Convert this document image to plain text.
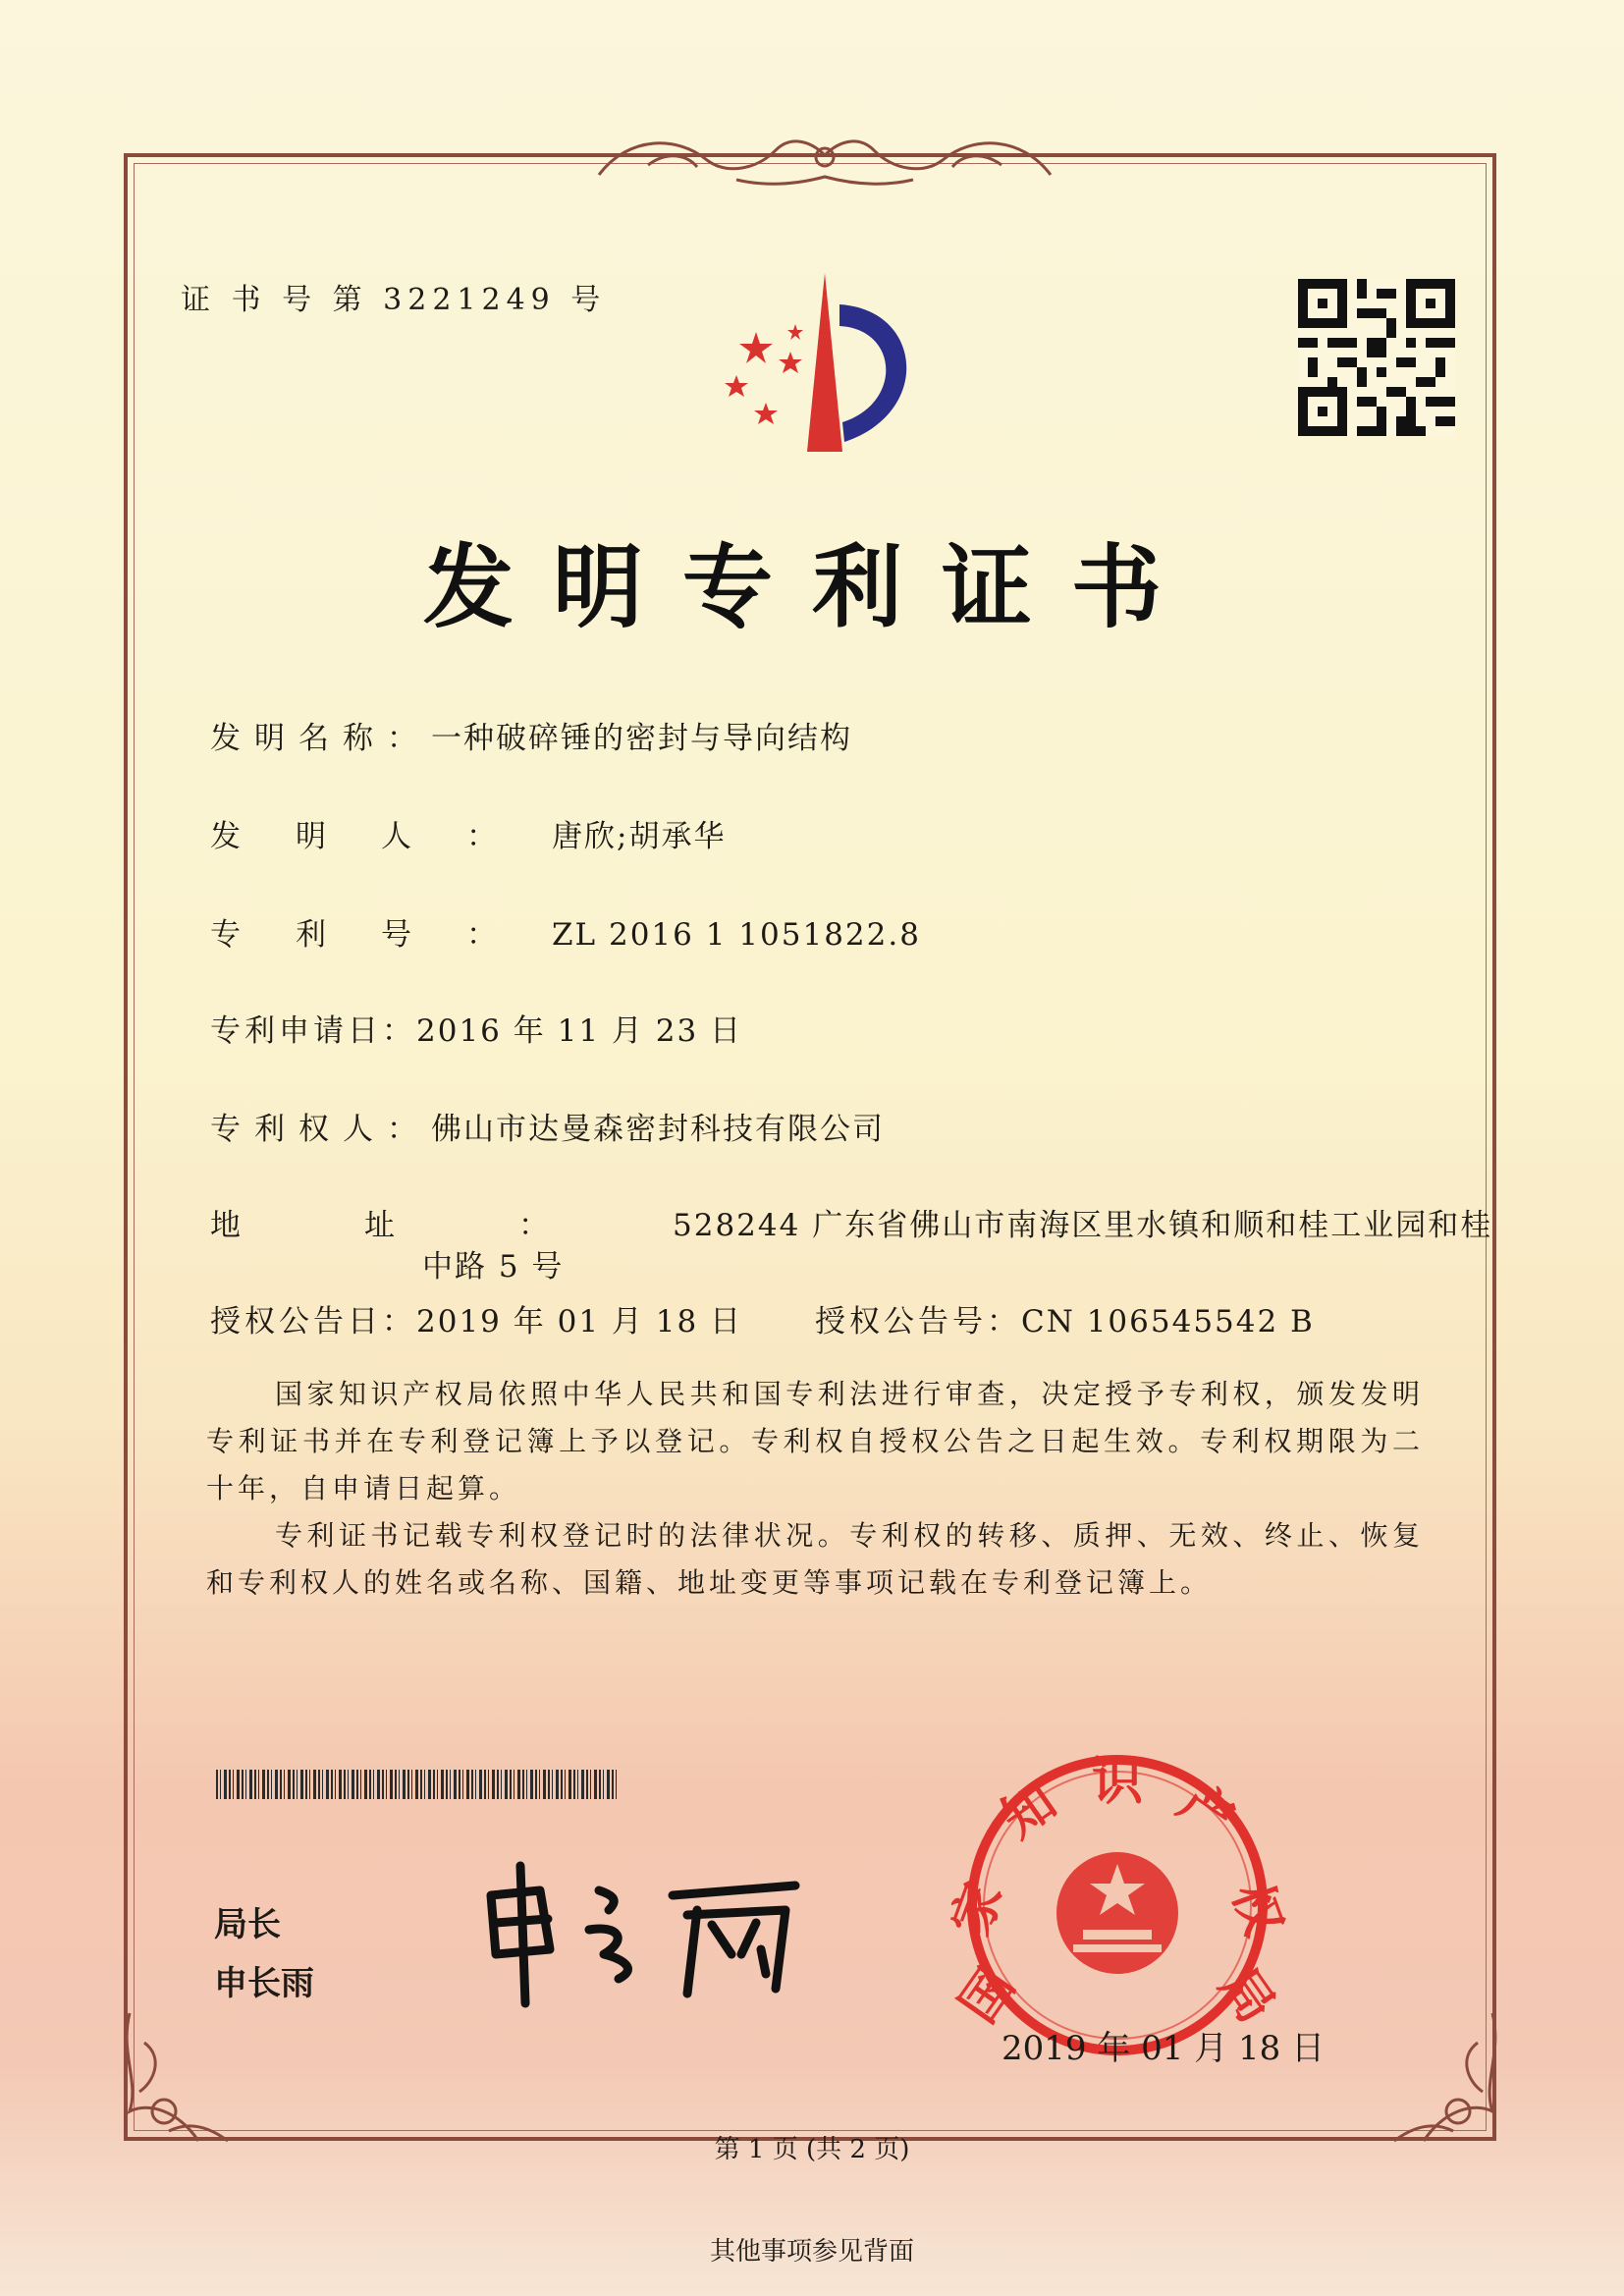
证 书 号 第 3221249 号
发明专利证书
发明名称：一种破碎锤的密封与导向结构
发明人：唐欣;胡承华
专利号：ZL 2016 1 1051822.8
专利申请日：2016 年 11 月 23 日
专利权人：佛山市达曼森密封科技有限公司
地址：528244 广东省佛山市南海区里水镇和顺和桂工业园和桂
中路 5 号
授权公告日：2019 年 01 月 18 日 授权公告号：CN 106545542 B
国家知识产权局依照中华人民共和国专利法进行审查，决定授予专利权，颁发发明专利证书并在专利登记簿上予以登记。专利权自授权公告之日起生效。专利权期限为二十年，自申请日起算。
专利证书记载专利权登记时的法律状况。专利权的转移、质押、无效、终止、恢复和专利权人的姓名或名称、国籍、地址变更等事项记载在专利登记簿上。
局长
申长雨	国
家
知 识 产
权
局
2019 年 01 月 18 日
第 1 页 (共 2 页)
其他事项参见背面
